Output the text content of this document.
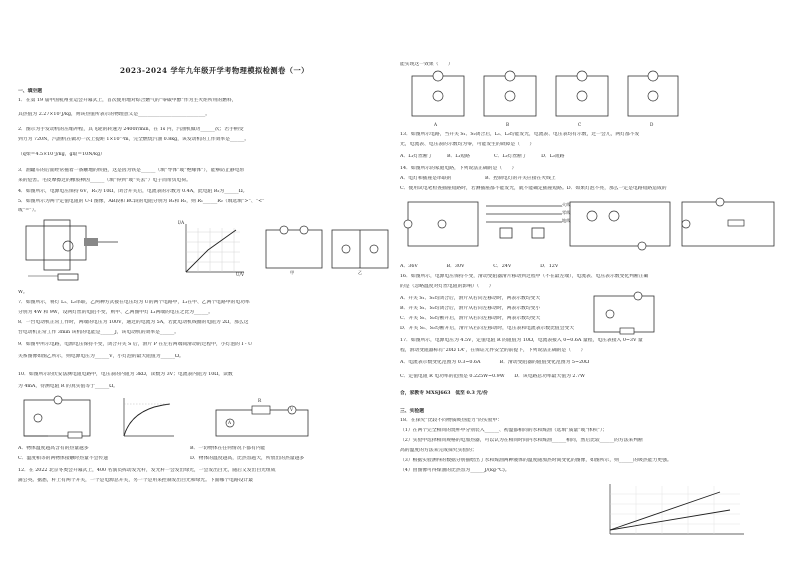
2023-2024 学年九年级开学考物理模拟检测卷（一）
一、填空题
1．在第 19 届中国杭州亚运会开幕式上，首次使用地对综合燃气的“零碳甲醇”作为主火炬所用的燃料，
其热值为 2.27×10⁷J/kg，则该热值所表示的物理意义是____________________________。
2．图示为手发动机的压缩冲程，其飞轮的转速为 2400r/min，在 1s 内，汽油机做功______次；若手柄受
到力为 720N，汽油机在做功一次上提距 1×10⁻³m，完全燃烧汽油 0.8kg，该发动机的工作效率是______。
（q柴＝4.5×10⁷J/kg，g取＝10N/kg）
3．油罐车的后面经常拖着一条触地的铁链，这是因为铁是______（填“导体”或“绝缘体”），能够防止静电带
来的危害。毛皮摩擦过的橡胶棒因______（填“得到”或“失去”）电子而带负电荷。
4．如图所示，电源电压保持 6V，R₁为 10Ω，闭合开关后，电流表的示数为 0.4A，此电阻 R₂为______Ω。
5．如图所示为两个定值电阻的 U-I 图像，AB段和 BC段的电阻分别为 R₁和 R₂，则 R₁______R₂（填选填“>”、“<”
或“=”）。
I/A
U/V	甲	乙
W。
7．如图所示，将灯 L₁、L₂串联，乙两种方式接在电压均为 U的两个电路中，L₁在甲、乙两个电路中的电功率
分别为 4W 和 9W，设两灯丝的电阻不变，则甲、乙两图中灯 L₁两端的电压之比为______。
8．一台电动机正常工作时，两端的电压为 100V，通过的电流为 5A，若此电动机线圈的电阻为 2Ω，那么这
台电动机正常工作 3min 该机的电能是______J，该电动机的效率是______。
9．如图甲所示电路，电源电压保持不变，闭合开关 S 后，滑片 P 在左右两端间滑动的过程中，小灯泡的 I - U
关系图像如图乙所示，则电源电压为______V，小灯泡的最大阻值为______Ω。
10．如图所示的伏安法测电阻电路中，电压表的内阻为 3kΩ，读数为 3V；电流表内阻为 10Ω，读数
为 4mA，待测电阻 R 的真实值等于______Ω。
R
A
V
A．物体温度越高含有的热量越多
C．温度相等的两物体接触时热量不会传递
B．一切物体在任何情况下都有内能
D．物体的温度越高，比热容越大，所放出的热量越多
12．在 2022 北京冬奥会开幕式上，400 名演员挥动发光杆，发光杆一会发出绿光，一会发出白光，随后又发出白光组成
蒲公英。据悉，杆上有两个开关，一个是电源总开关，另一个是用来控制发出白光和绿光。下面哪个电路设计最
能实现这一效果（　　）
A	B	C	D
13．如图所示电路，当开关 S₁、S₂闭合后，L₁、L₂均能发光，电流表、电压表均有示数，过一会儿，两灯都不发
光，电流表、电压表的示数均为零，可能发生的故障是（　　）
A．L₁灯丝断了　　　B．L₁短路　　　　　C．L₂灯丝断了　　　D．L₂短路
14．如图所示的家庭电路，下列说法正确的是（　　）
A．电灯和插座是串联的　　　　　　　B．控制电灯的开关应接在火线上
C．使用试电笔检查插座短路时，若测插座都不能发光，就不能确定插座短路。D．如果灯泡不亮，那么一定是电路短路造成的
火线
零线
地线
A．36V　　　　　　B．30V　　　　　　C．24V　　　　　　D．12V
16．如图所示，电源电压保持不变，滑动变阻器滑片移动到过程中（不在最左端），电流表、电压表示数变化判断正确
的是（忽略温度对灯丝电阻的影响）（　　）
A．开关 S₁、S₂均闭合后，滑片从右向左移动时，两表示数均变大
B．开关 S₁、S₂均闭合后，滑片从右向左移动时，两表示数均变小
C．开关 S₁、S₂均断开后，滑片从右向左移动时，两表示数均变大
D．开关 S₁、S₂均断开后，滑片从右向左移动时，电压表和电流表示数比值会变大
17．如图所示，电源电压为 4.5V，定值电阻 R 的阻值为 10Ω，电流表接入 0~0.6A 量程，电压表接入 0~3V 量
程，滑动变阻器标有“20Ω 1A”，在保证元件安全的前提下，下列说法正确的是（　　）
A．电流表示数变化范围为 0.3~0.6A　　　　B．滑动变阻器的阻值变化范围为 5~20Ω
C．定值电阻 R 电功率的范围是 0.225W~0.9W　　D．该电路总功率最大值为 2.7W
合，家教专 MXSJ663　低至 0.3 元/份
三、实验题
18．在探究“比较不同物质吸热能力”的实验中：
（1）在两个完全相同的烧杯中分别装入______、初温都相同的水和煤油（选填“质量”或“体积”）；
（2）实验中选择相同规格的电加热器，可以认为在相同时间内水和煤油______相同，然后比较______的方法来判断
高的温度的方法来完成探究实验的；
（3）根据实验测得的数据分别描绘出了水和煤油两种液体的温度随加热时间变化的图像，如图所示，则______的吸热能力更强。
（4）由图像可得煤油的比热容为______J/(kg·℃)。
